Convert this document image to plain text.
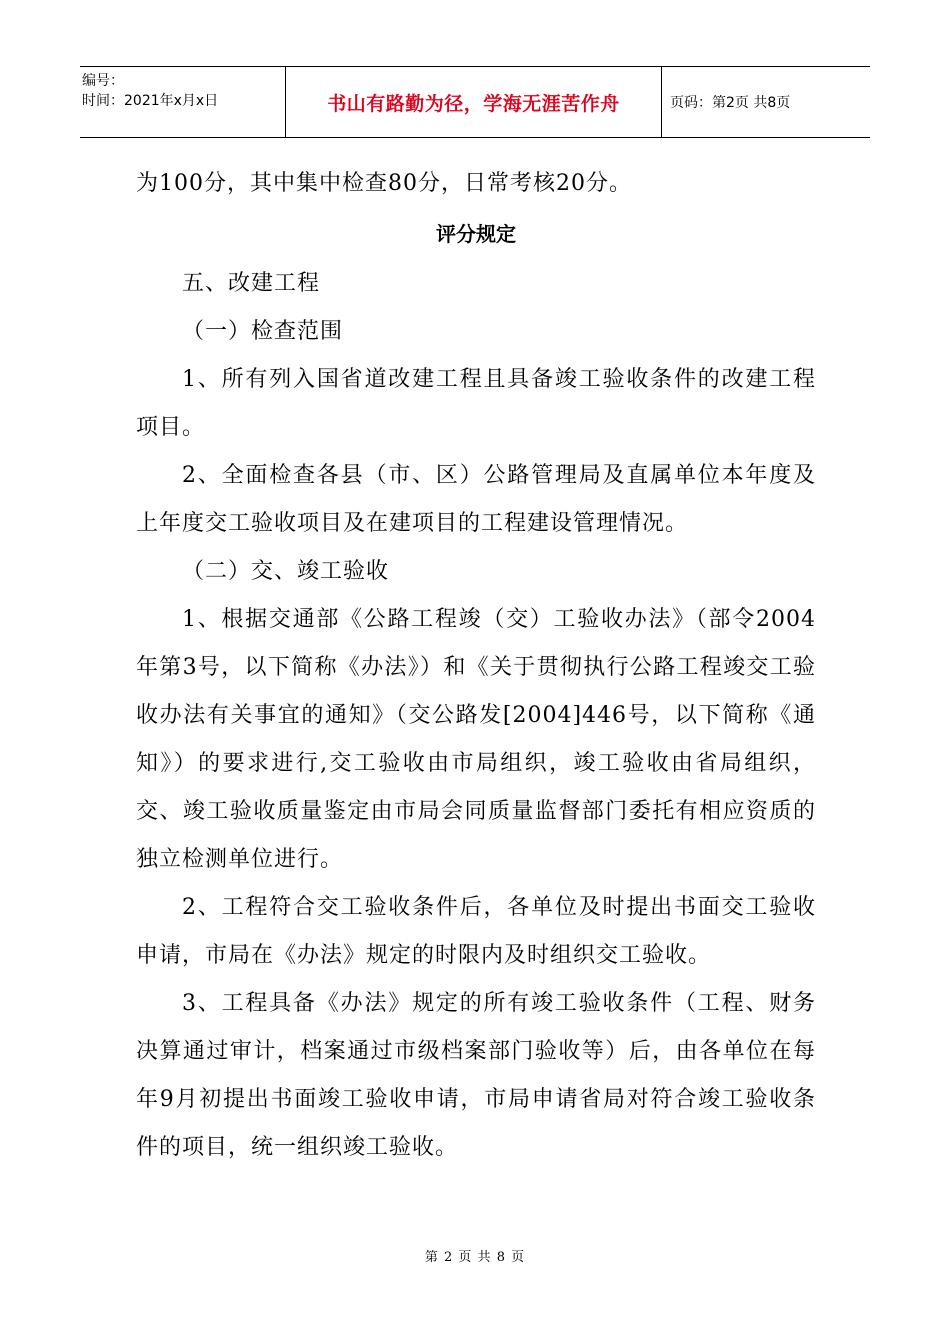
编号：
时间：2021年x月x日	书山有路勤为径，学海无涯苦作舟	页码：第2页 共8页

为100分，其中集中检查80分，日常考核20分。

评分规定

五、改建工程

（一）检查范围

1、所有列入国省道改建工程且具备竣工验收条件的改建工程项目。

2、全面检查各县（市、区）公路管理局及直属单位本年度及上年度交工验收项目及在建项目的工程建设管理情况。

（二）交、竣工验收

1、根据交通部《公路工程竣（交）工验收办法》（部令2004年第3号，以下简称《办法》）和《关于贯彻执行公路工程竣交工验收办法有关事宜的通知》（交公路发[2004]446号，以下简称《通知》）的要求进行,交工验收由市局组织，竣工验收由省局组织，交、竣工验收质量鉴定由市局会同质量监督部门委托有相应资质的独立检测单位进行。

2、工程符合交工验收条件后，各单位及时提出书面交工验收申请，市局在《办法》规定的时限内及时组织交工验收。

3、工程具备《办法》规定的所有竣工验收条件（工程、财务决算通过审计，档案通过市级档案部门验收等）后，由各单位在每年9月初提出书面竣工验收申请，市局申请省局对符合竣工验收条件的项目，统一组织竣工验收。

第 2 页 共 8 页
